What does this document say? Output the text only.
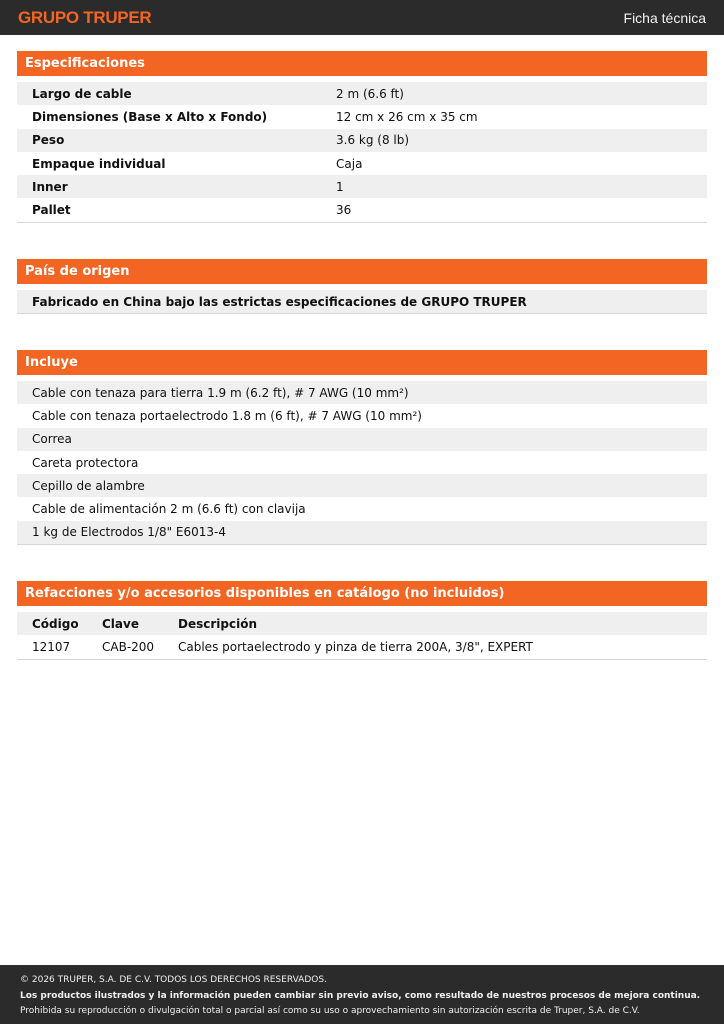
GRUPO TRUPER	Ficha técnica
Especificaciones
Largo de cable	2 m (6.6 ft)
Dimensiones (Base x Alto x Fondo)	12 cm x 26 cm x 35 cm
Peso	3.6 kg (8 lb)
Empaque individual	Caja
Inner	1
Pallet	36
País de origen
Fabricado en China bajo las estrictas especificaciones de GRUPO TRUPER
Incluye
Cable con tenaza para tierra 1.9 m (6.2 ft), # 7 AWG (10 mm²)
Cable con tenaza portaelectrodo 1.8 m (6 ft), # 7 AWG (10 mm²)
Correa
Careta protectora
Cepillo de alambre
Cable de alimentación 2 m (6.6 ft) con clavija
1 kg de Electrodos 1/8" E6013-4
Refacciones y/o accesorios disponibles en catálogo (no incluidos)
Código	Clave	Descripción
12107	CAB-200	Cables portaelectrodo y pinza de tierra 200A, 3/8", EXPERT
© 2026 TRUPER, S.A. DE C.V. TODOS LOS DERECHOS RESERVADOS.
Los productos ilustrados y la información pueden cambiar sin previo aviso, como resultado de nuestros procesos de mejora continua.
Prohibida su reproducción o divulgación total o parcial así como su uso o aprovechamiento sin autorización escrita de Truper, S.A. de C.V.
